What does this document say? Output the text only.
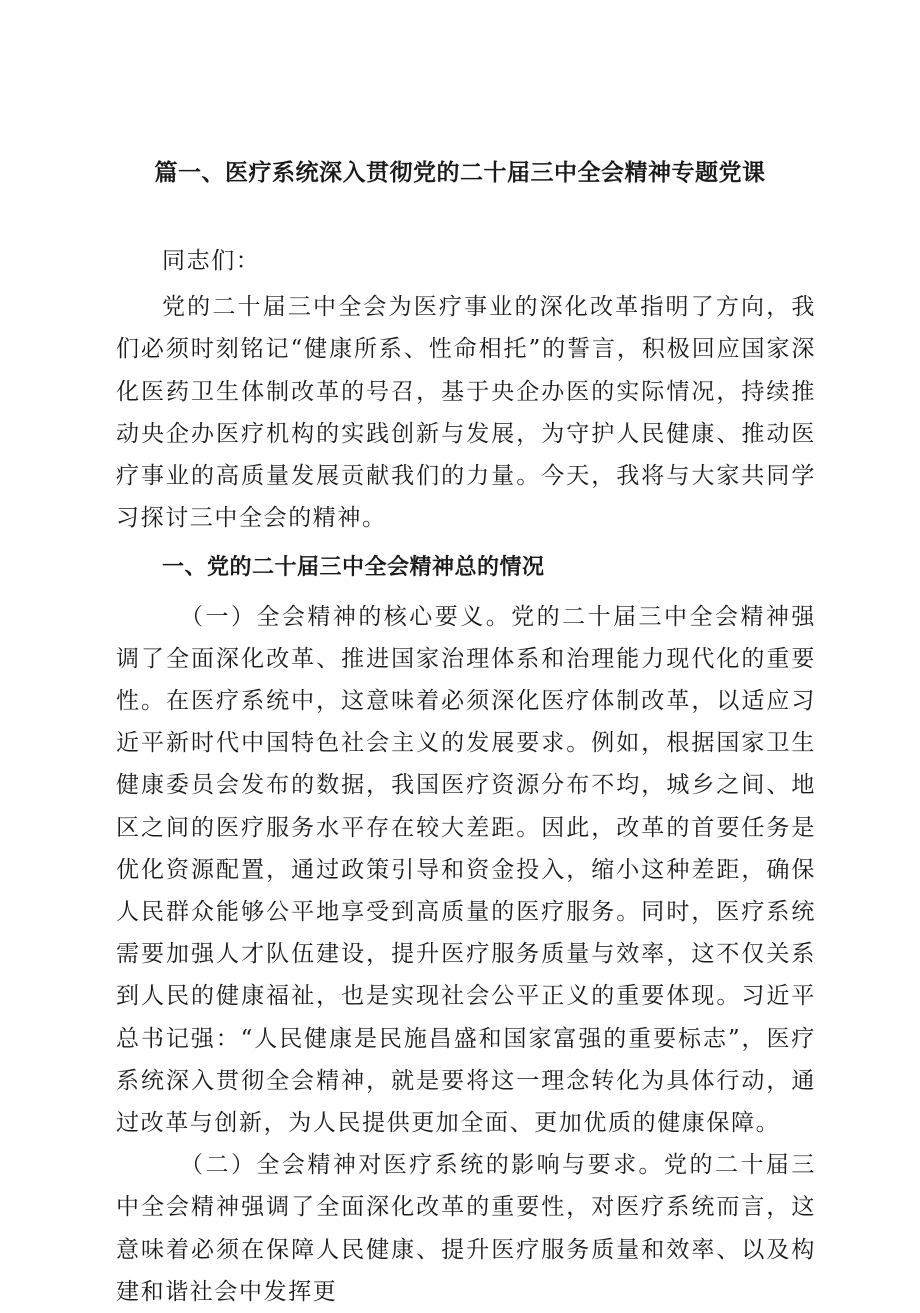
篇一、医疗系统深入贯彻党的二十届三中全会精神专题党课

同志们：

党的二十届三中全会为医疗事业的深化改革指明了方向，我们必须时刻铭记“健康所系、性命相托”的誓言，积极回应国家深化医药卫生体制改革的号召，基于央企办医的实际情况，持续推动央企办医疗机构的实践创新与发展，为守护人民健康、推动医疗事业的高质量发展贡献我们的力量。今天，我将与大家共同学习探讨三中全会的精神。

一、党的二十届三中全会精神总的情况

（一）全会精神的核心要义。党的二十届三中全会精神强调了全面深化改革、推进国家治理体系和治理能力现代化的重要性。在医疗系统中，这意味着必须深化医疗体制改革，以适应习近平新时代中国特色社会主义的发展要求。例如，根据国家卫生健康委员会发布的数据，我国医疗资源分布不均，城乡之间、地区之间的医疗服务水平存在较大差距。因此，改革的首要任务是优化资源配置，通过政策引导和资金投入，缩小这种差距，确保人民群众能够公平地享受到高质量的医疗服务。同时，医疗系统需要加强人才队伍建设，提升医疗服务质量与效率，这不仅关系到人民的健康福祉，也是实现社会公平正义的重要体现。习近平总书记强：“人民健康是民施昌盛和国家富强的重要标志”，医疗系统深入贯彻全会精神，就是要将这一理念转化为具体行动，通过改革与创新，为人民提供更加全面、更加优质的健康保障。

（二）全会精神对医疗系统的影响与要求。党的二十届三中全会精神强调了全面深化改革的重要性，对医疗系统而言，这意味着必须在保障人民健康、提升医疗服务质量和效率、以及构建和谐社会中发挥更
